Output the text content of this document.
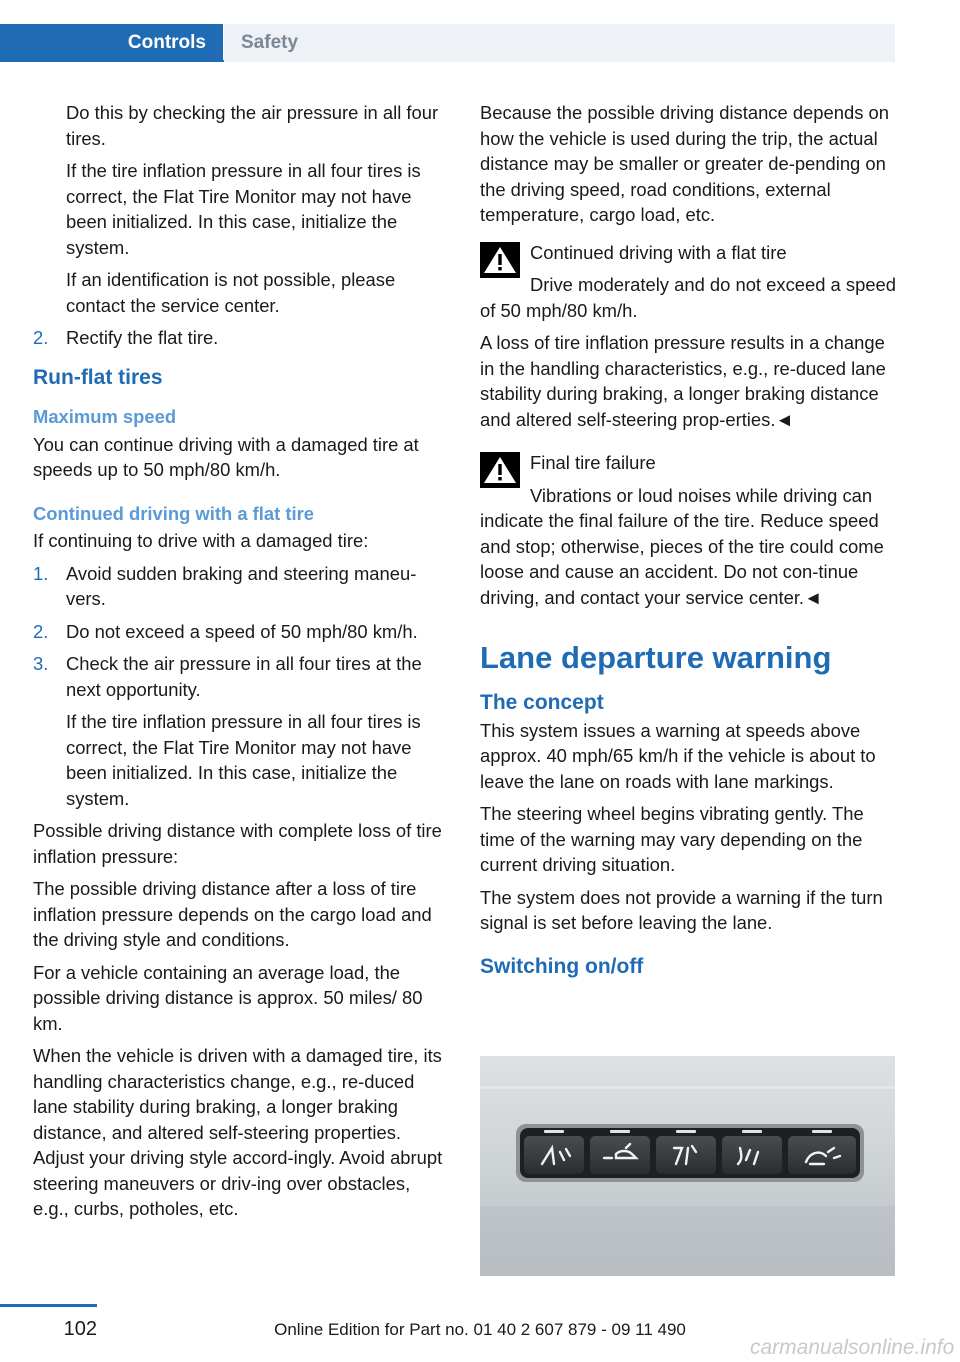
Controls	Safety

Do this by checking the air pressure in all four tires.

If the tire inflation pressure in all four tires is correct, the Flat Tire Monitor may not have been initialized. In this case, initialize the system.

If an identification is not possible, please contact the service center.

2. Rectify the flat tire.
Run-flat tires
Maximum speed

You can continue driving with a damaged tire at speeds up to 50 mph/80 km/h.

Continued driving with a flat tire

If continuing to drive with a damaged tire:

1. Avoid sudden braking and steering maneu‐vers.
2. Do not exceed a speed of 50 mph/80 km/h.
3. Check the air pressure in all four tires at the next opportunity.

If the tire inflation pressure in all four tires is correct, the Flat Tire Monitor may not have been initialized. In this case, initialize the system.

Possible driving distance with complete loss of tire inflation pressure:

The possible driving distance after a loss of tire inflation pressure depends on the cargo load and the driving style and conditions.

For a vehicle containing an average load, the possible driving distance is approx. 50 miles/ 80 km.

When the vehicle is driven with a damaged tire, its handling characteristics change, e.g., re‐duced lane stability during braking, a longer braking distance, and altered self-steering properties. Adjust your driving style accord‐ingly. Avoid abrupt steering maneuvers or driv‐ing over obstacles, e.g., curbs, potholes, etc.

Because the possible driving distance depends on how the vehicle is used during the trip, the actual distance may be smaller or greater de‐pending on the driving speed, road conditions, external temperature, cargo load, etc.

Continued driving with a flat tire
Drive moderately and do not exceed a speed of 50 mph/80 km/h.

A loss of tire inflation pressure results in a change in the handling characteristics, e.g., re‐duced lane stability during braking, a longer braking distance and altered self-steering prop‐erties.◄

Final tire failure
Vibrations or loud noises while driving can indicate the final failure of the tire. Reduce speed and stop; otherwise, pieces of the tire could come loose and cause an accident. Do not con‐tinue driving, and contact your service center.◄
Lane departure warning
The concept

This system issues a warning at speeds above approx. 40 mph/65 km/h if the vehicle is about to leave the lane on roads with lane markings.

The steering wheel begins vibrating gently. The time of the warning may vary depending on the current driving situation.

The system does not provide a warning if the turn signal is set before leaving the lane.

Switching on/off
102	Online Edition for Part no. 01 40 2 607 879 - 09 11 490
carmanualsonline.info
